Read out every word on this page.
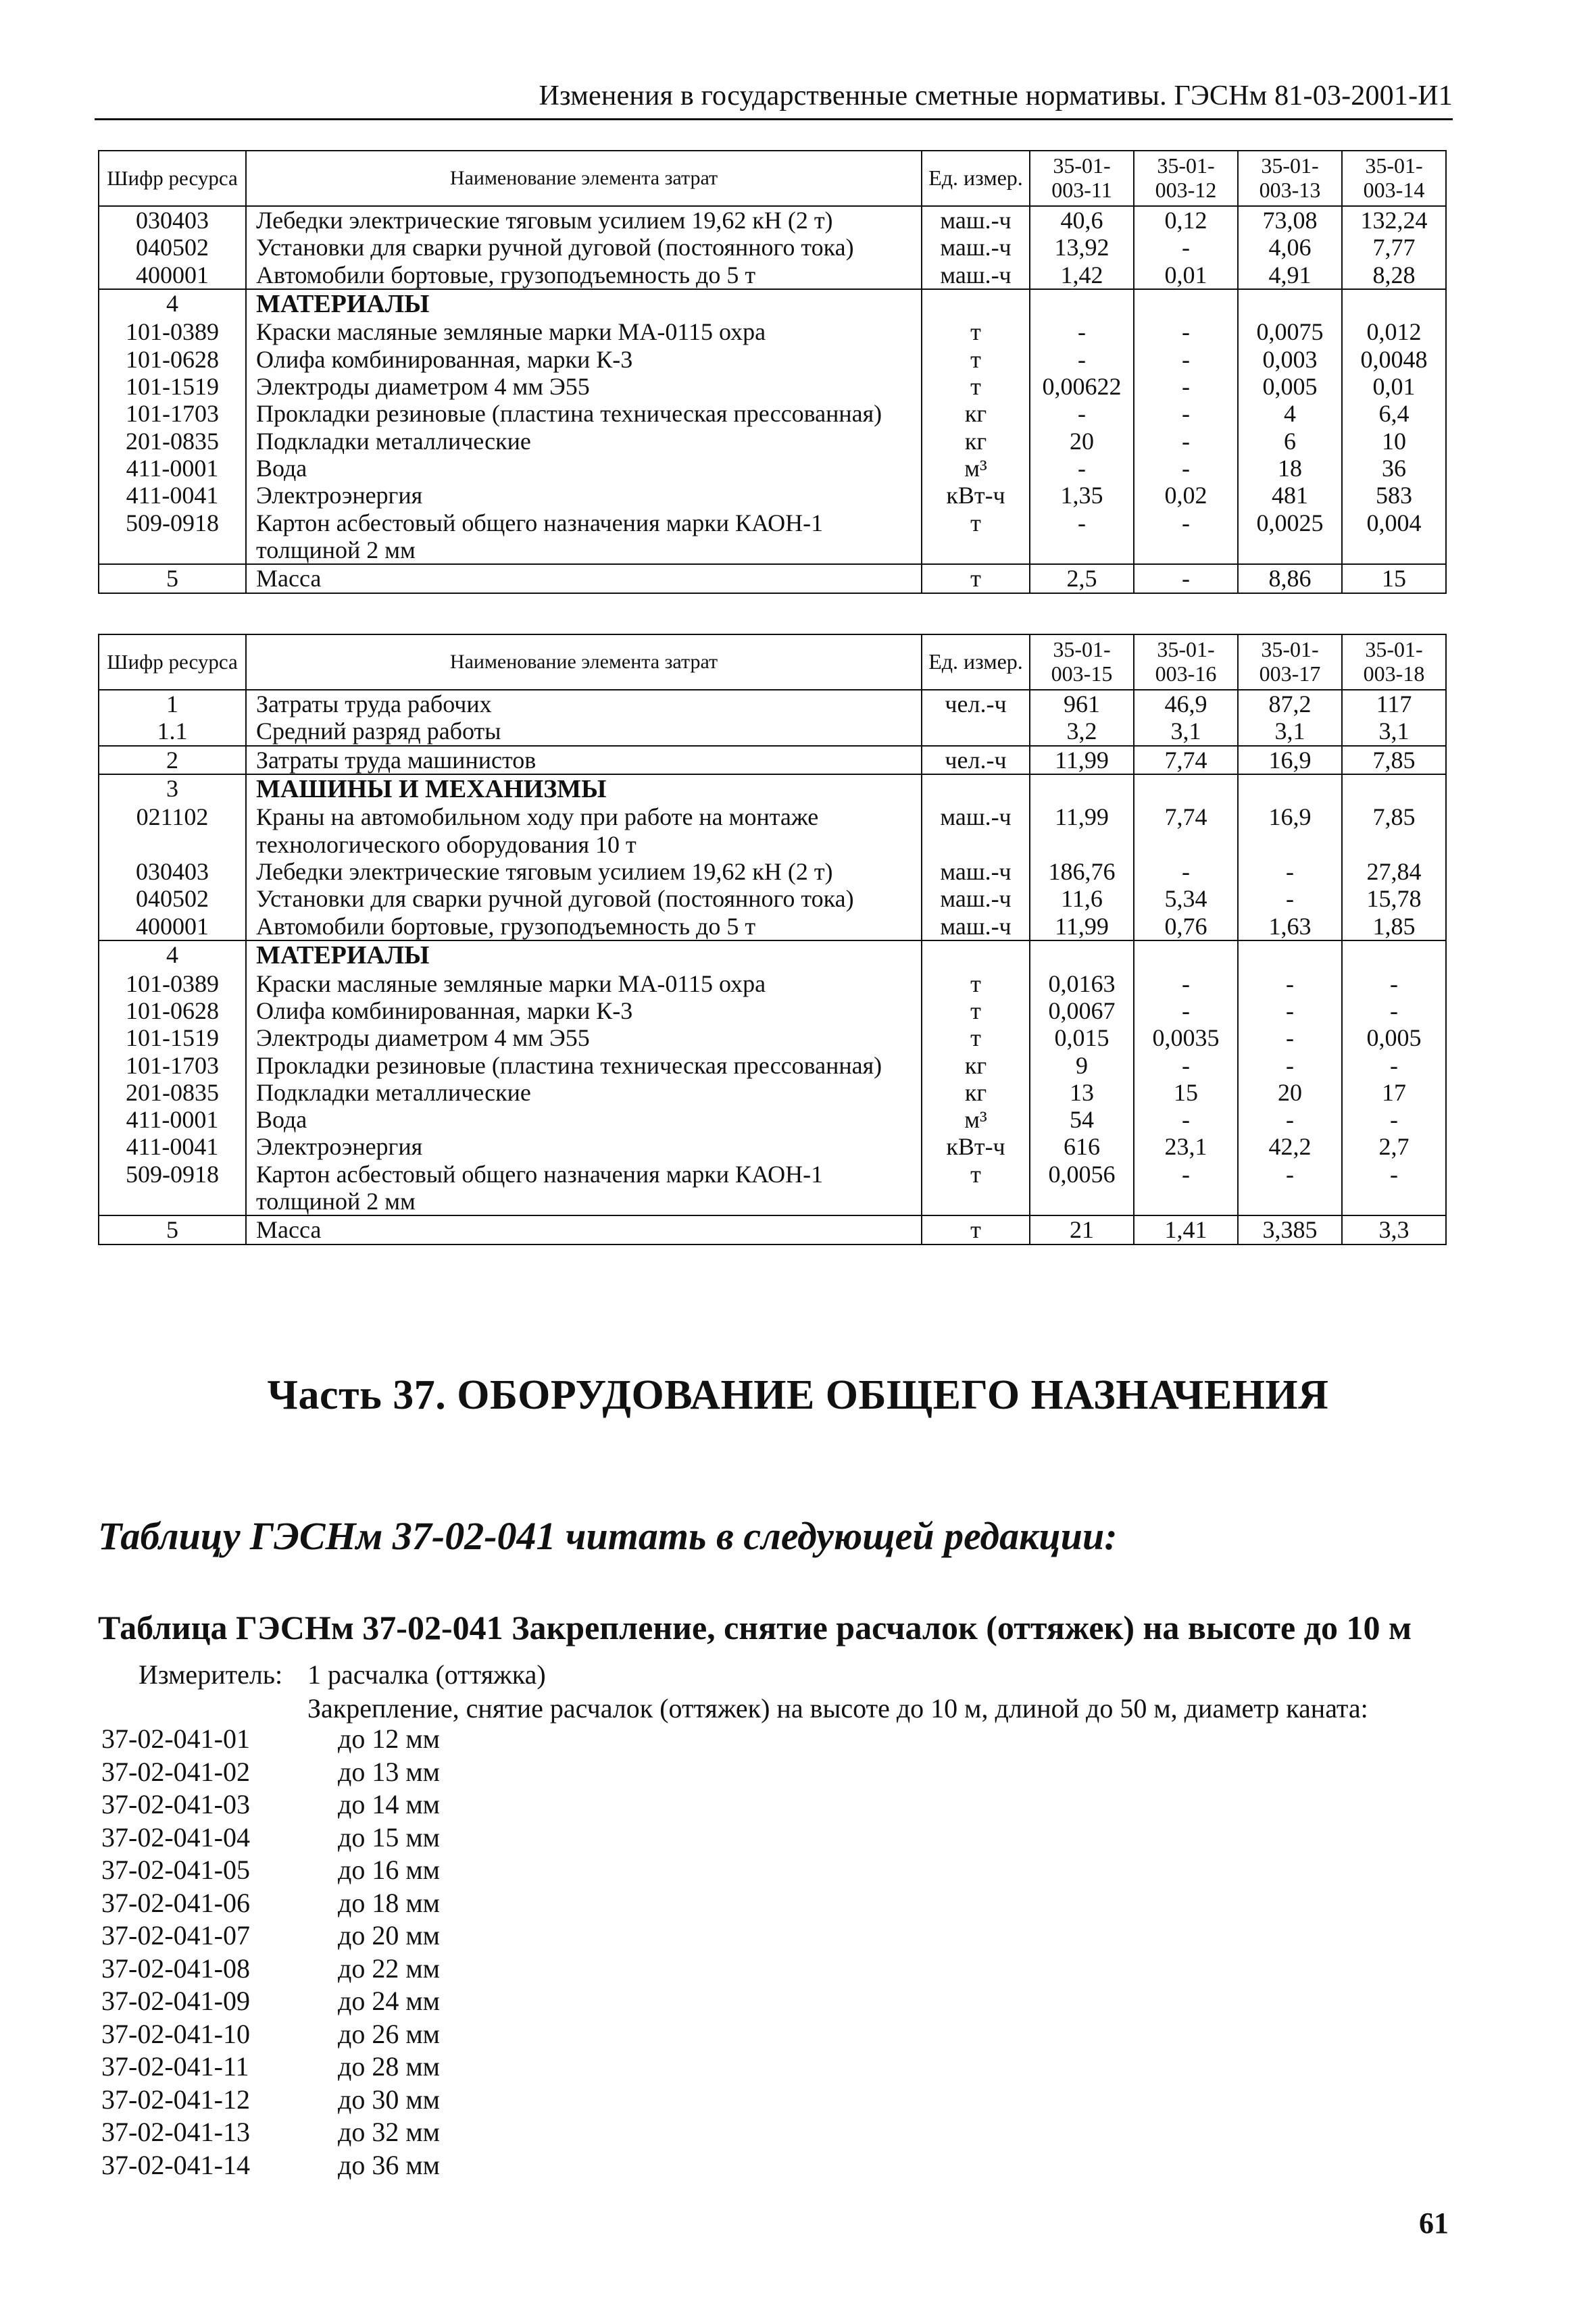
Изменения в государственные сметные нормативы. ГЭСНм 81-03-2001-И1
Шифр ресурса	Наименование элемента затрат	Ед. измер.	35-01-003-11	35-01-003-12	35-01-003-13	35-01-003-14
030403	Лебедки электрические тяговым усилием 19,62 кН (2 т)	маш.-ч	40,6	0,12	73,08	132,24
040502	Установки для сварки ручной дуговой (постоянного тока)	маш.-ч	13,92	-	4,06	7,77
400001	Автомобили бортовые, грузоподъемность до 5 т	маш.-ч	1,42	0,01	4,91	8,28
4	МАТЕРИАЛЫ					
101-0389	Краски масляные земляные марки МА-0115 охра	т	-	-	0,0075	0,012
101-0628	Олифа комбинированная, марки К-3	т	-	-	0,003	0,0048
101-1519	Электроды диаметром 4 мм Э55	т	0,00622	-	0,005	0,01
101-1703	Прокладки резиновые (пластина техническая прессованная)	кг	-	-	4	6,4
201-0835	Подкладки металлические	кг	20	-	6	10
411-0001	Вода	м³	-	-	18	36
411-0041	Электроэнергия	кВт-ч	1,35	0,02	481	583
509-0918	Картон асбестовый общего назначения марки КАОН-1 толщиной 2 мм	т	-	-	0,0025	0,004
5	Масса	т	2,5	-	8,86	15
Шифр ресурса	Наименование элемента затрат	Ед. измер.	35-01-003-15	35-01-003-16	35-01-003-17	35-01-003-18
1	Затраты труда рабочих	чел.-ч	961	46,9	87,2	117
1.1	Средний разряд работы		3,2	3,1	3,1	3,1
2	Затраты труда машинистов	чел.-ч	11,99	7,74	16,9	7,85
3	МАШИНЫ И МЕХАНИЗМЫ					
021102	Краны на автомобильном ходу при работе на монтаже технологического оборудования 10 т	маш.-ч	11,99	7,74	16,9	7,85
030403	Лебедки электрические тяговым усилием 19,62 кН (2 т)	маш.-ч	186,76	-	-	27,84
040502	Установки для сварки ручной дуговой (постоянного тока)	маш.-ч	11,6	5,34	-	15,78
400001	Автомобили бортовые, грузоподъемность до 5 т	маш.-ч	11,99	0,76	1,63	1,85
4	МАТЕРИАЛЫ					
101-0389	Краски масляные земляные марки МА-0115 охра	т	0,0163	-	-	-
101-0628	Олифа комбинированная, марки К-3	т	0,0067	-	-	-
101-1519	Электроды диаметром 4 мм Э55	т	0,015	0,0035	-	0,005
101-1703	Прокладки резиновые (пластина техническая прессованная)	кг	9	-	-	-
201-0835	Подкладки металлические	кг	13	15	20	17
411-0001	Вода	м³	54	-	-	-
411-0041	Электроэнергия	кВт-ч	616	23,1	42,2	2,7
509-0918	Картон асбестовый общего назначения марки КАОН-1 толщиной 2 мм	т	0,0056	-	-	-
5	Масса	т	21	1,41	3,385	3,3
Часть 37. ОБОРУДОВАНИЕ ОБЩЕГО НАЗНАЧЕНИЯ
Таблицу ГЭСНм 37-02-041 читать в следующей редакции:
Таблица ГЭСНм 37-02-041 Закрепление, снятие расчалок (оттяжек) на высоте до 10 м
Измеритель: 1 расчалка (оттяжка)
Закрепление, снятие расчалок (оттяжек) на высоте до 10 м, длиной до 50 м, диаметр каната:
37-02-041-01	до 12 мм
37-02-041-02	до 13 мм
37-02-041-03	до 14 мм
37-02-041-04	до 15 мм
37-02-041-05	до 16 мм
37-02-041-06	до 18 мм
37-02-041-07	до 20 мм
37-02-041-08	до 22 мм
37-02-041-09	до 24 мм
37-02-041-10	до 26 мм
37-02-041-11	до 28 мм
37-02-041-12	до 30 мм
37-02-041-13	до 32 мм
37-02-041-14	до 36 мм
61
